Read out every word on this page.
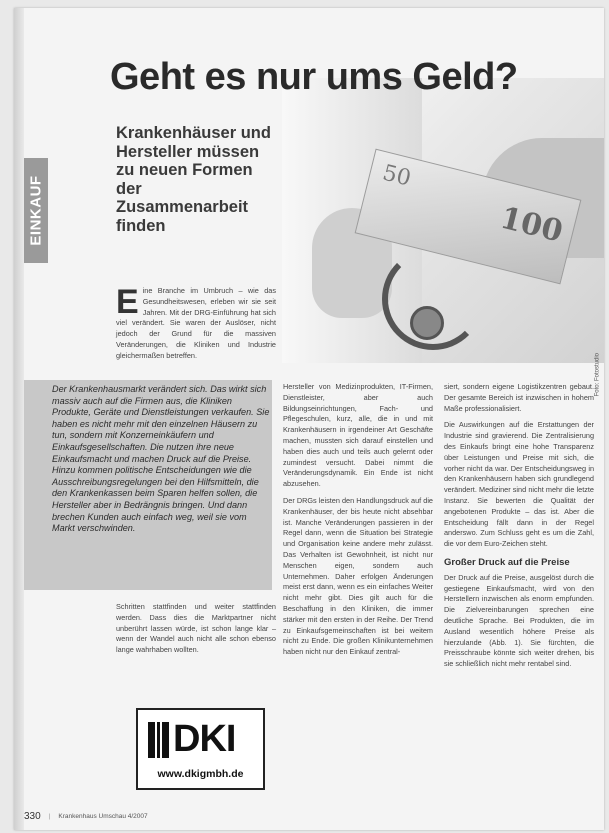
EINKAUF	50
100
Foto: Fotostudio
Geht es nur ums Geld?
Krankenhäuser und Hersteller müssen zu neuen Formen der Zusammenarbeit finden
E ine Branche im Umbruch – wie das Gesundheitswesen, erleben wir sie seit Jahren. Mit der DRG-Einführung hat sich viel verändert. Sie waren der Auslöser, nicht jedoch der Grund für die massiven Veränderungen, die Kliniken und Industrie gleichermaßen betreffen.
Der Krankenhausmarkt verändert sich. Das wirkt sich massiv auch auf die Firmen aus, die Kliniken Produkte, Geräte und Dienstleistungen verkaufen. Sie haben es nicht mehr mit den einzelnen Häusern zu tun, sondern mit Konzerneinkäufern und Einkaufsgesellschaften. Die nutzen ihre neue Einkaufsmacht und machen Druck auf die Preise. Hinzu kommen politische Entscheidungen wie die Ausschreibungsregelungen bei den Hilfsmitteln, die den Krankenkassen beim Sparen helfen sollen, die Hersteller aber in Bedrängnis bringen. Und dann brechen Kunden auch einfach weg, weil sie vom Markt verschwinden.

Schritten stattfinden und weiter stattfinden werden. Dass dies die Marktpartner nicht unberührt lassen würde, ist schon lange klar – wenn der Wandel auch nicht alle schon ebenso lange wahrhaben wollten.

Hersteller von Medizinprodukten, IT-Firmen, Dienstleister, aber auch Bildungseinrichtungen, Fach- und Pflegeschulen, kurz, alle, die in und mit Krankenhäusern in irgendeiner Art Geschäfte machen, mussten sich darauf einstellen und haben dies auch und teils auch gelernt oder zumindest versucht. Dabei nimmt die Veränderungsdynamik. Ein Ende ist nicht abzusehen.

Der DRGs leisten den Handlungsdruck auf die Krankenhäuser, der bis heute nicht absehbar ist. Manche Veränderungen passieren in der Regel dann, wenn die Situation bei Strategie und Organisation keine andere mehr zulässt. Das Verhalten ist Gewohnheit, ist nicht nur Menschen eigen, sondern auch Unternehmen. Daher erfolgen Änderungen meist erst dann, wenn es ein einfaches Weiter nicht mehr gibt. Dies gilt auch für die Beschaffung in den Kliniken, die immer stärker mit den ersten in der Reihe. Der Trend zu Einkaufsgemeinschaften ist bei weitem nicht zu Ende. Die großen Klinikunternehmen haben nicht nur den Einkauf zentral-

siert, sondern eigene Logistikzentren gebaut. Der gesamte Bereich ist inzwischen in hohem Maße professionalisiert.

Die Auswirkungen auf die Erstattungen der Industrie sind gravierend. Die Zentralisierung des Einkaufs bringt eine hohe Transparenz über Leistungen und Preise mit sich, die vorher nicht da war. Der Entscheidungsweg in den Krankenhäusern haben sich grundlegend verändert. Mediziner sind nicht mehr die letzte Instanz. Sie bewerten die Qualität der angebotenen Produkte – das ist. Aber die Entscheidung fällt dann in der Regel anderswo. Zum Schluss geht es um die Zahl, die vor dem Euro-Zeichen steht.

Großer Druck auf die Preise

Der Druck auf die Preise, ausgelöst durch die gestiegene Einkaufsmacht, wird von den Herstellern inzwischen als enorm empfunden. Die Zielvereinbarungen sprechen eine deutliche Sprache. Bei Produkten, die im Ausland wesentlich höhere Preise als hierzulande (Abb. 1). Sie fürchten, die Preisschraube könnte sich weiter drehen, bis sie schließlich nicht mehr rentabel sind.

DKI
www.dkigmbh.de
330 | Krankenhaus Umschau 4/2007
